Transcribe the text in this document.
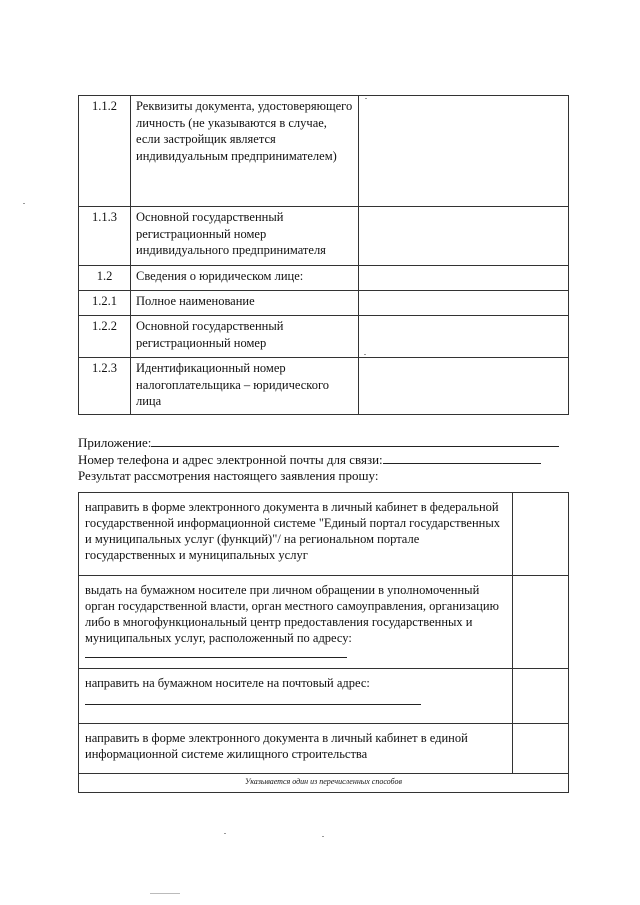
1.1.2	Реквизиты документа, удостоверяющего личность (не указываются в случае, если застройщик является индивидуальным предпринимателем)	
1.1.3	Основной государственный регистрационный номер индивидуального предпринимателя	
1.2	Сведения о юридическом лице:	
1.2.1	Полное наименование	
1.2.2	Основной государственный регистрационный номер	
1.2.3	Идентификационный номер налогоплательщика – юридического лица	
Приложение:
Номер телефона и адрес электронной почты для связи:
Результат рассмотрения настоящего заявления прошу:
направить в форме электронного документа в личный кабинет в федеральной государственной информационной системе "Единый портал государственных и муниципальных услуг (функций)"/ на региональном портале государственных и муниципальных услуг	
выдать на бумажном носителе при личном обращении в уполномоченный орган государственной власти, орган местного самоуправления, организацию либо в многофункциональный центр предоставления государственных и муниципальных услуг, расположенный по адресу:	

направить на бумажном носителе на почтовый адрес:	

направить в форме электронного документа в личный кабинет в единой информационной системе жилищного строительства	
Указывается один из перечисленных способов	
